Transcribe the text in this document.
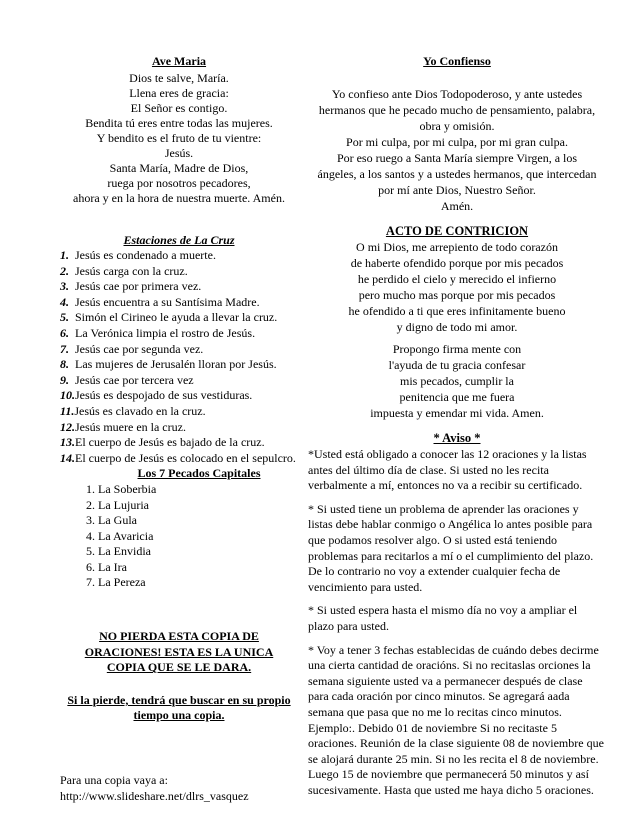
Ave Maria
Dios te salve, María.
Llena eres de gracia:
El Señor es contigo.
Bendita tú eres entre todas las mujeres.
Y bendito es el fruto de tu vientre:
Jesús.
Santa María, Madre de Dios,
ruega por nosotros pecadores,
ahora y en la hora de nuestra muerte. Amén.
Estaciones de La Cruz
1. Jesús es condenado a muerte.
2. Jesús carga con la cruz.
3. Jesús cae por primera vez.
4. Jesús encuentra a su Santísima Madre.
5. Simón el Cirineo le ayuda a llevar la cruz.
6. La Verónica limpia el rostro de Jesús.
7. Jesús cae por segunda vez.
8. Las mujeres de Jerusalén lloran por Jesús.
9. Jesús cae por tercera vez
10.Jesús es despojado de sus vestiduras.
11.Jesús es clavado en la cruz.
12.Jesús muere en la cruz.
13.El cuerpo de Jesús es bajado de la cruz.
14.El cuerpo de Jesús es colocado en el sepulcro.
Los 7 Pecados Capitales
1. La Soberbia
2. La Lujuria
3. La Gula
4. La Avaricia
5. La Envidia
6. La Ira
7. La Pereza
NO PIERDA ESTA COPIA DE
ORACIONES! ESTA ES LA UNICA
COPIA QUE SE LE DARA.
Si la pierde, tendrá que buscar en su propio
tiempo una copia.
Para una copia vaya a:
http://www.slideshare.net/dlrs_vasquez
Yo Confienso
Yo confieso ante Dios Todopoderoso, y ante ustedes
hermanos que he pecado mucho de pensamiento, palabra,
obra y omisión.
Por mi culpa, por mi culpa, por mi gran culpa.
Por eso ruego a Santa María siempre Virgen, a los
ángeles, a los santos y a ustedes hermanos, que intercedan
por mí ante Dios, Nuestro Señor.
Amén.
ACTO DE CONTRICION
O mi Dios, me arrepiento de todo corazón
de haberte ofendido porque por mis pecados
he perdido el cielo y merecido el infierno
pero mucho mas porque por mis pecados
he ofendido a ti que eres infinitamente bueno
y digno de todo mi amor.
Propongo firma mente con
l'ayuda de tu gracia confesar
mis pecados, cumplir la
penitencia que me fuera
impuesta y emendar mi vida. Amen.
* Aviso *

*Usted está obligado a conocer las 12 oraciones y la listas antes del último día de clase. Si usted no les recita verbalmente a mí, entonces no va a recibir su certificado.

* Si usted tiene un problema de aprender las oraciones y listas debe hablar conmigo o Angélica lo antes posible para que podamos resolver algo. O si usted está teniendo problemas para recitarlos a mí o el cumplimiento del plazo. De lo contrario no voy a extender cualquier fecha de vencimiento para usted.

* Si usted espera hasta el mismo día no voy a ampliar el plazo para usted.

* Voy a tener 3 fechas establecidas de cuándo debes decirme una cierta cantidad de oracións. Si no recitaslas orciones la semana siguiente usted va a permanecer después de clase para cada oración por cinco minutos. Se agregará aada semana que pasa que no me lo recitas cinco minutos.

Ejemplo:. Debido 01 de noviembre Si no recitaste 5 oraciones. Reunión de la clase siguiente 08 de noviembre que se alojará durante 25 min. Si no les recita el 8 de noviembre. Luego 15 de noviembre que permanecerá 50 minutos y así sucesivamente. Hasta que usted me haya dicho 5 oraciones.
